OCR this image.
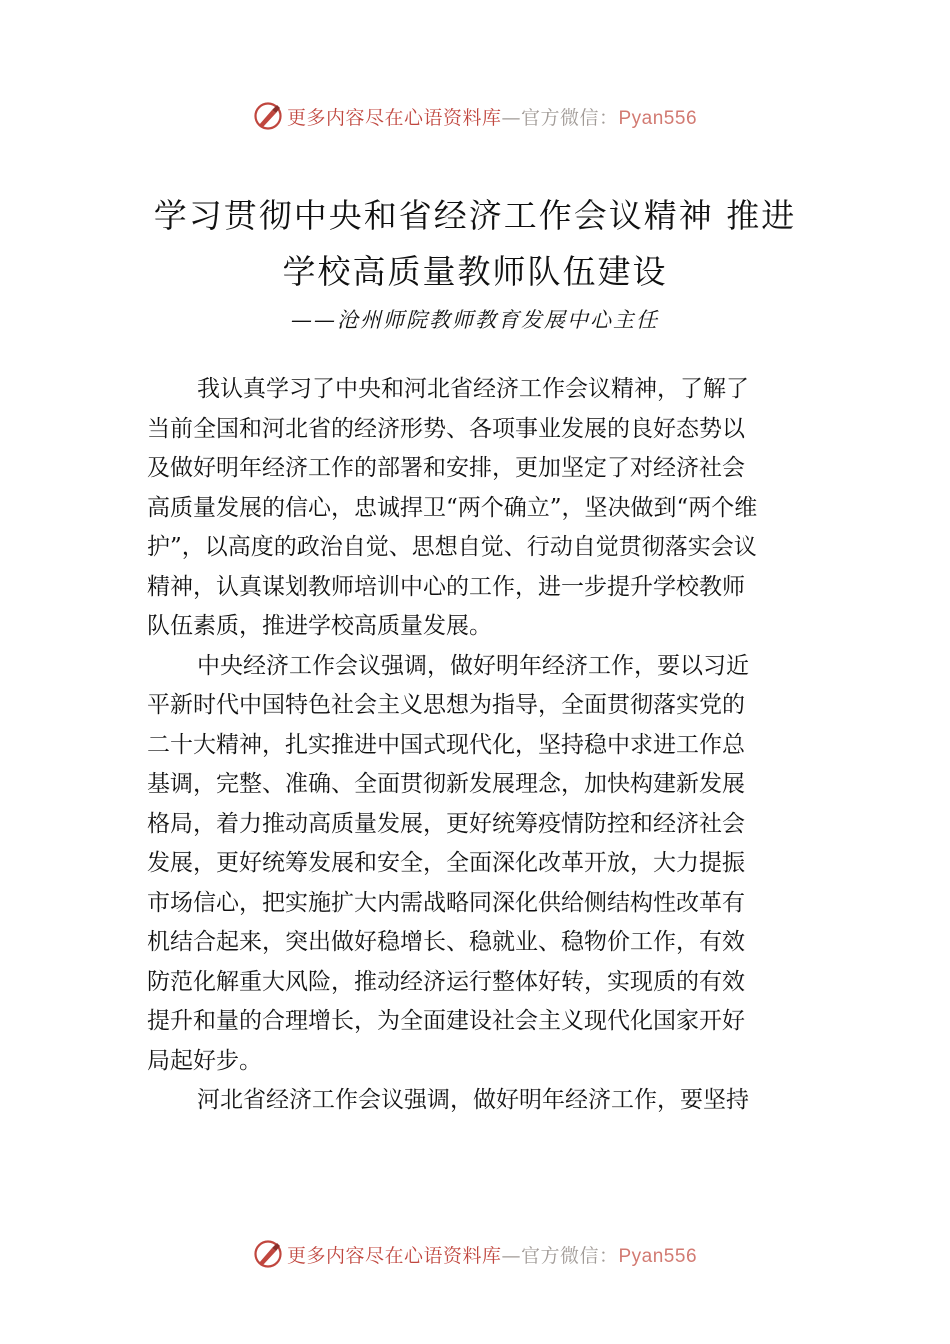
更多内容尽在心语资料库—官方微信：Pyan556
学习贯彻中央和省经济工作会议精神 推进
学校高质量教师队伍建设
——沧州师院教师教育发展中心主任
我认真学习了中央和河北省经济工作会议精神，了解了
当前全国和河北省的经济形势、各项事业发展的良好态势以
及做好明年经济工作的部署和安排，更加坚定了对经济社会
高质量发展的信心，忠诚捍卫“两个确立”，坚决做到“两个维
护”，以高度的政治自觉、思想自觉、行动自觉贯彻落实会议
精神，认真谋划教师培训中心的工作，进一步提升学校教师
队伍素质，推进学校高质量发展。
中央经济工作会议强调，做好明年经济工作，要以习近
平新时代中国特色社会主义思想为指导，全面贯彻落实党的
二十大精神，扎实推进中国式现代化，坚持稳中求进工作总
基调，完整、准确、全面贯彻新发展理念，加快构建新发展
格局，着力推动高质量发展，更好统筹疫情防控和经济社会
发展，更好统筹发展和安全，全面深化改革开放，大力提振
市场信心，把实施扩大内需战略同深化供给侧结构性改革有
机结合起来，突出做好稳增长、稳就业、稳物价工作，有效
防范化解重大风险，推动经济运行整体好转，实现质的有效
提升和量的合理增长，为全面建设社会主义现代化国家开好
局起好步。
河北省经济工作会议强调，做好明年经济工作，要坚持
更多内容尽在心语资料库—官方微信：Pyan556
